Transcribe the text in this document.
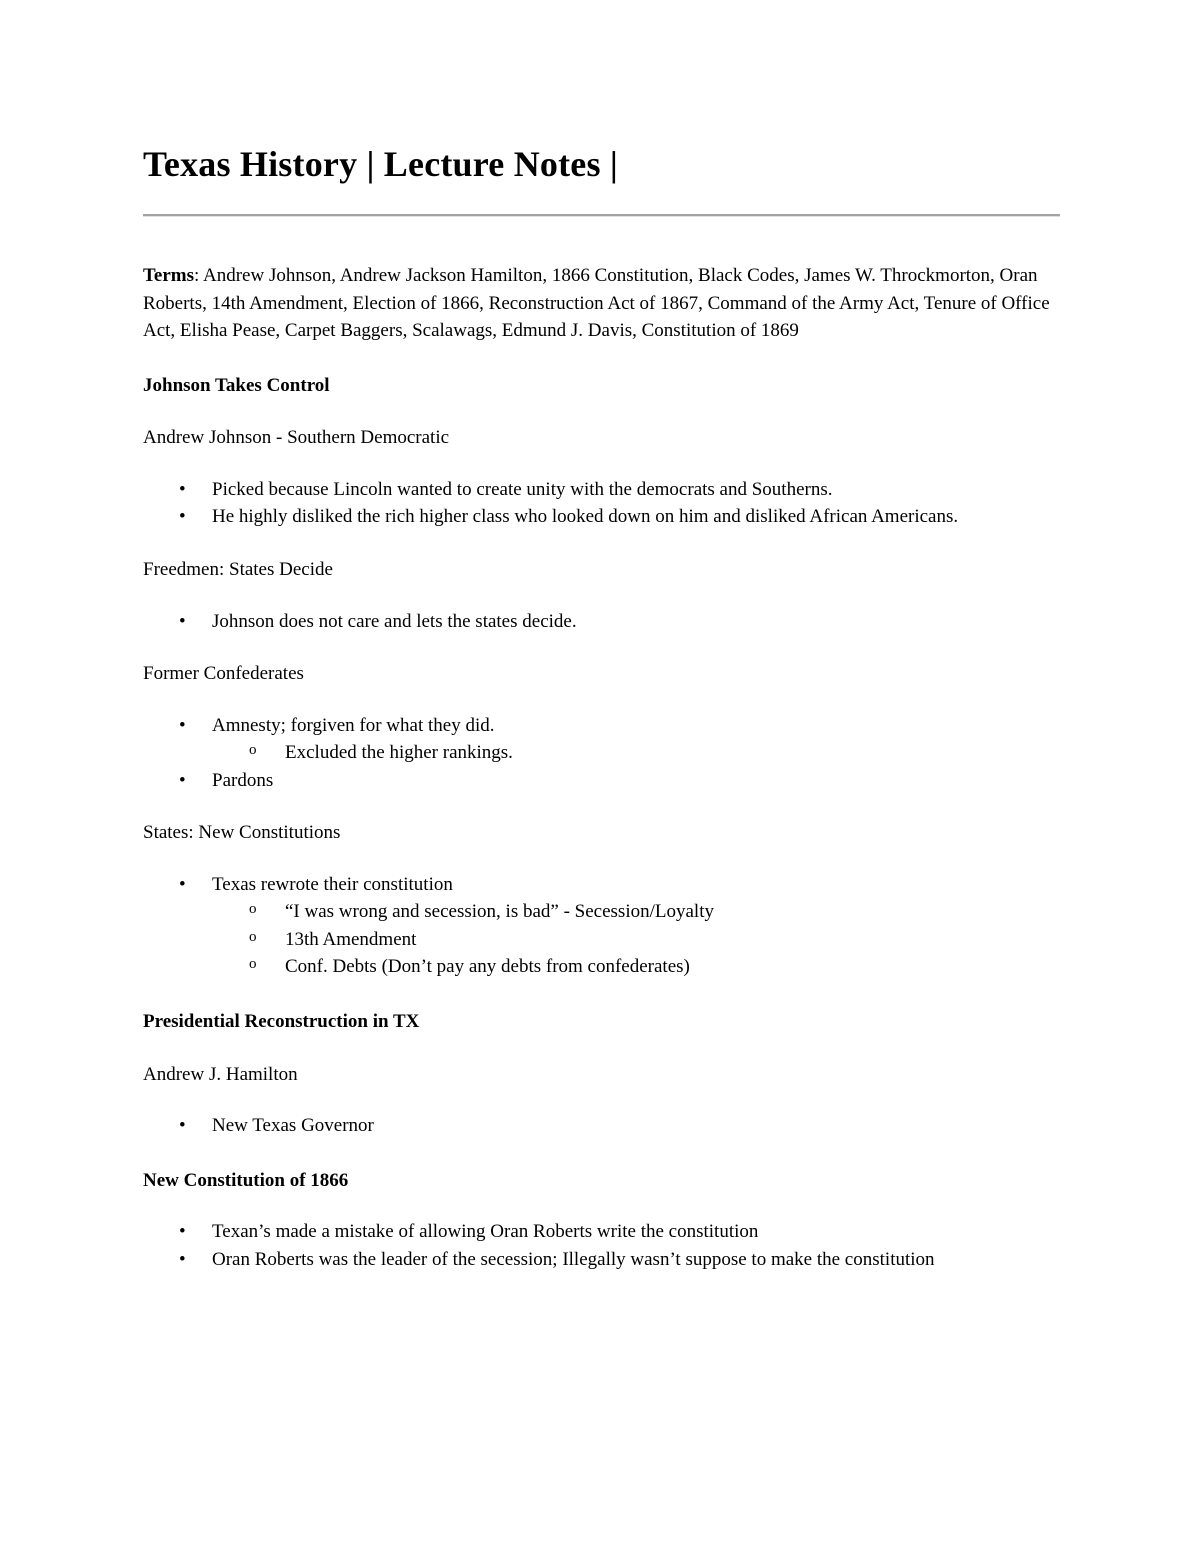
Texas History | Lecture Notes |

Terms: Andrew Johnson, Andrew Jackson Hamilton, 1866 Constitution, Black Codes, James W. Throckmorton, Oran Roberts, 14th Amendment, Election of 1866, Reconstruction Act of 1867, Command of the Army Act, Tenure of Office Act, Elisha Pease, Carpet Baggers, Scalawags, Edmund J. Davis, Constitution of 1869

Johnson Takes Control

Andrew Johnson - Southern Democratic

• Picked because Lincoln wanted to create unity with the democrats and Southerns.
• He highly disliked the rich higher class who looked down on him and disliked African Americans.

Freedmen: States Decide

• Johnson does not care and lets the states decide.

Former Confederates

• Amnesty; forgiven for what they did.
o Excluded the higher rankings.
• Pardons

States: New Constitutions

• Texas rewrote their constitution
o “I was wrong and secession, is bad” - Secession/Loyalty
o 13th Amendment
o Conf. Debts (Don’t pay any debts from confederates)
Presidential Reconstruction in TX

Andrew J. Hamilton

• New Texas Governor
New Constitution of 1866
• Texan’s made a mistake of allowing Oran Roberts write the constitution
• Oran Roberts was the leader of the secession; Illegally wasn’t suppose to make the constitution
